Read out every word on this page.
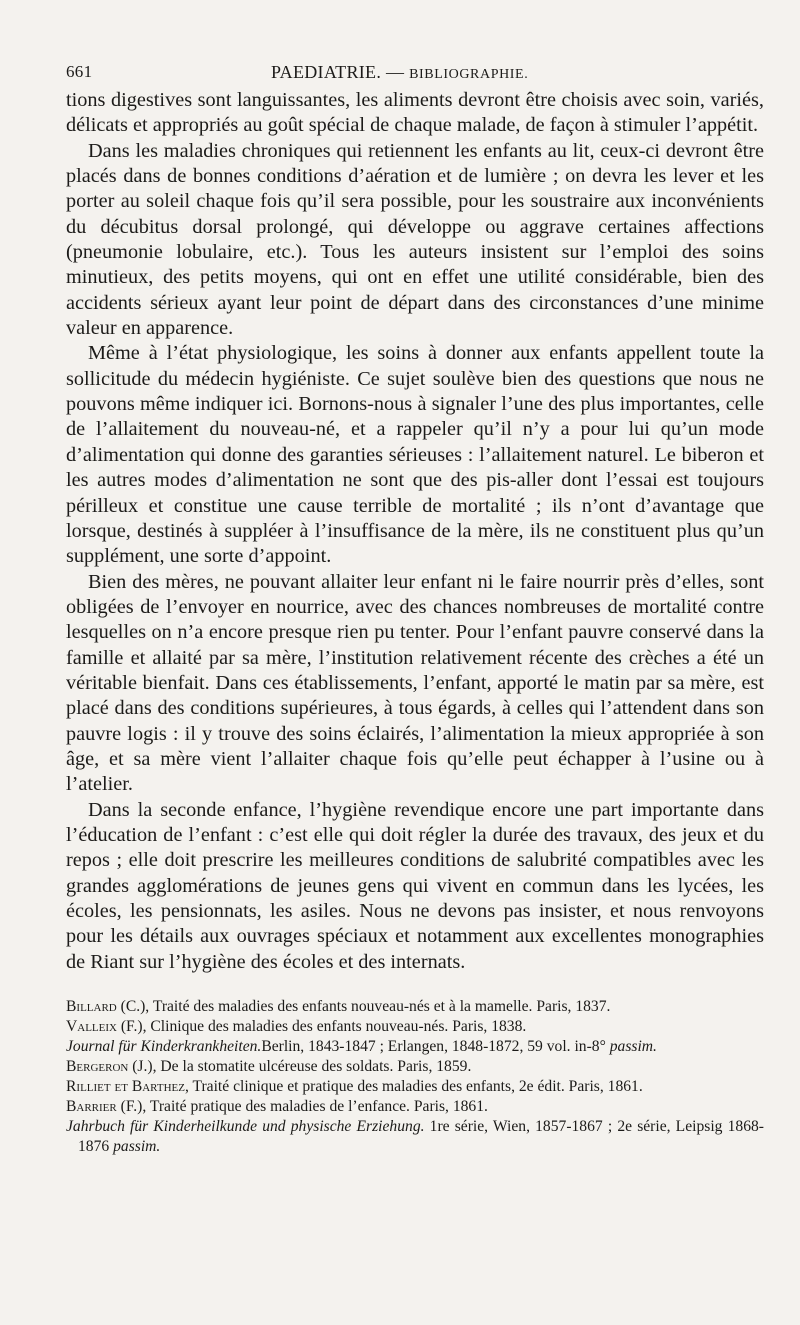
661	PAEDIATRIE. — BIBLIOGRAPHIE.

tions digestives sont languissantes, les aliments devront être choisis avec soin, variés, délicats et appropriés au goût spécial de chaque malade, de façon à stimuler l’appétit.

Dans les maladies chroniques qui retiennent les enfants au lit, ceux-ci devront être placés dans de bonnes conditions d’aération et de lumière ; on devra les lever et les porter au soleil chaque fois qu’il sera possible, pour les soustraire aux inconvénients du décubitus dorsal prolongé, qui développe ou aggrave certaines affections (pneumonie lobulaire, etc.). Tous les auteurs insistent sur l’emploi des soins minutieux, des petits moyens, qui ont en effet une utilité considérable, bien des accidents sérieux ayant leur point de départ dans des circonstances d’une minime valeur en apparence.

Même à l’état physiologique, les soins à donner aux enfants appellent toute la sollicitude du médecin hygiéniste. Ce sujet soulève bien des questions que nous ne pouvons même indiquer ici. Bornons-nous à signaler l’une des plus importantes, celle de l’allaitement du nouveau-né, et a rappeler qu’il n’y a pour lui qu’un mode d’alimentation qui donne des garanties sérieuses : l’allaitement naturel. Le biberon et les autres modes d’alimentation ne sont que des pis-aller dont l’essai est toujours périlleux et constitue une cause terrible de mortalité ; ils n’ont d’avantage que lorsque, destinés à suppléer à l’insuffisance de la mère, ils ne constituent plus qu’un supplément, une sorte d’appoint.

Bien des mères, ne pouvant allaiter leur enfant ni le faire nourrir près d’elles, sont obligées de l’envoyer en nourrice, avec des chances nombreuses de mortalité contre lesquelles on n’a encore presque rien pu tenter. Pour l’enfant pauvre conservé dans la famille et allaité par sa mère, l’institution relativement récente des crèches a été un véritable bienfait. Dans ces établissements, l’enfant, apporté le matin par sa mère, est placé dans des conditions supérieures, à tous égards, à celles qui l’attendent dans son pauvre logis : il y trouve des soins éclairés, l’alimentation la mieux appropriée à son âge, et sa mère vient l’allaiter chaque fois qu’elle peut échapper à l’usine ou à l’atelier.

Dans la seconde enfance, l’hygiène revendique encore une part importante dans l’éducation de l’enfant : c’est elle qui doit régler la durée des travaux, des jeux et du repos ; elle doit prescrire les meilleures conditions de salubrité compatibles avec les grandes agglomérations de jeunes gens qui vivent en commun dans les lycées, les écoles, les pensionnats, les asiles. Nous ne devons pas insister, et nous renvoyons pour les détails aux ouvrages spéciaux et notamment aux excellentes monographies de Riant sur l’hygiène des écoles et des internats.

Billard (C.), Traité des maladies des enfants nouveau-nés et à la mamelle. Paris, 1837.

Valleix (F.), Clinique des maladies des enfants nouveau-nés. Paris, 1838.

Journal für Kinderkrankheiten.Berlin, 1843-1847 ; Erlangen, 1848-1872, 59 vol. in-8° passim.

Bergeron (J.), De la stomatite ulcéreuse des soldats. Paris, 1859.

Rilliet et Barthez, Traité clinique et pratique des maladies des enfants, 2e édit. Paris, 1861.

Barrier (F.), Traité pratique des maladies de l’enfance. Paris, 1861.

Jahrbuch für Kinderheilkunde und physische Erziehung. 1re série, Wien, 1857-1867 ; 2e série, Leipsig 1868-1876 passim.
